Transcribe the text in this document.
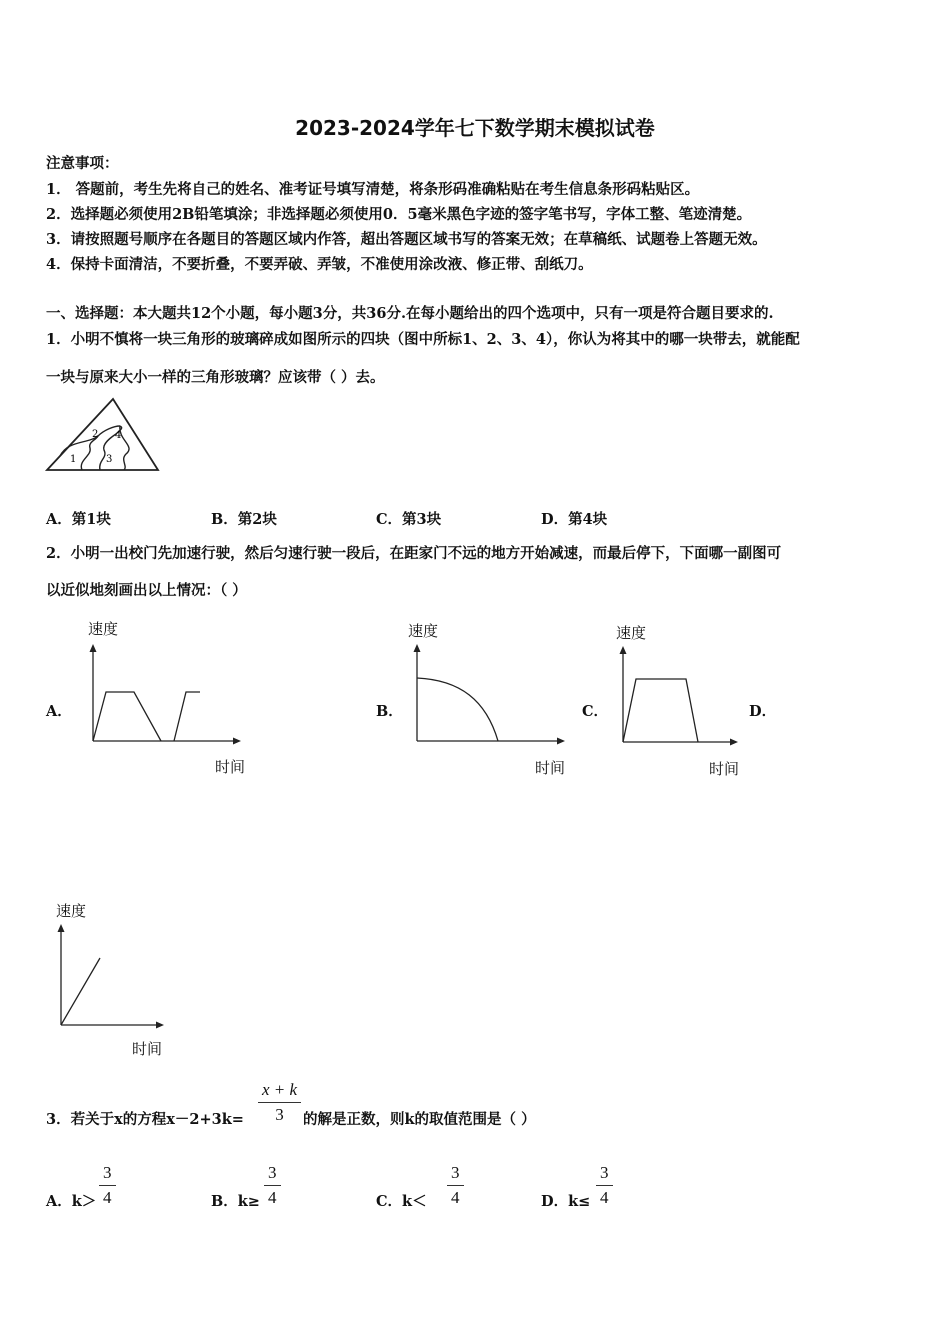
2023-2024学年七下数学期末模拟试卷
注意事项：
1． 答题前，考生先将自己的姓名、准考证号填写清楚，将条形码准确粘贴在考生信息条形码粘贴区。
2．选择题必须使用2B铅笔填涂；非选择题必须使用0．5毫米黑色字迹的签字笔书写，字体工整、笔迹清楚。
3．请按照题号顺序在各题目的答题区域内作答，超出答题区域书写的答案无效；在草稿纸、试题卷上答题无效。
4．保持卡面清洁，不要折叠，不要弄破、弄皱，不准使用涂改液、修正带、刮纸刀。
一、选择题：本大题共12个小题，每小题3分，共36分.在每小题给出的四个选项中，只有一项是符合题目要求的.
1．小明不慎将一块三角形的玻璃碎成如图所示的四块（图中所标1、2、3、4），你认为将其中的哪一块带去，就能配
一块与原来大小一样的三角形玻璃？应该带（ ）去。
1
2
3
4
A．第1块	B．第2块	C．第3块	D．第4块
2．小明一出校门先加速行驶，然后匀速行驶一段后，在距家门不远的地方开始减速，而最后停下，下面哪一副图可
以近似地刻画出以上情况：（ ）
速度
时间
A．
速度
时间
B．
速度
时间
C．	D．
速度
时间
3．若关于x的方程x－2+3k=
x + k
3	的解是正数，则k的取值范围是（ ）
A．k＞
3
4	B．k≥
3
4	C．k＜
3
4	D．k≤
3
4
